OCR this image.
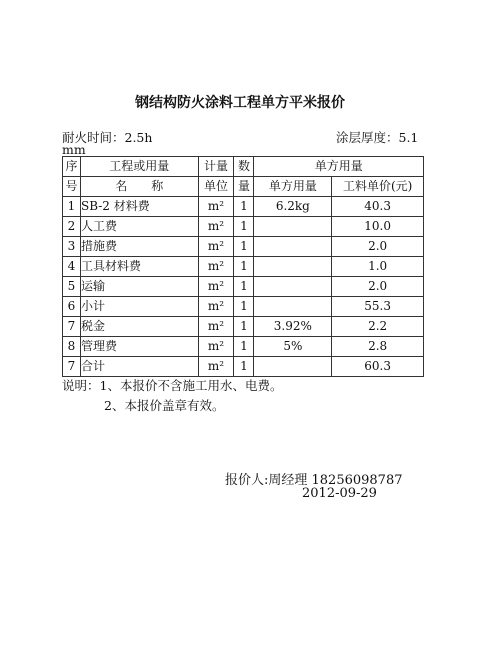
钢结构防火涂料工程单方平米报价
耐火时间：2.5h	涂层厚度：5.1
mm
序	工程或用量	计量	数	单方用量	
号	名　　称	单位	量	单方用量	工料单价(元)
1	SB-2 材料费	m²	1	6.2kg	40.3
2	人工费	m²	1		10.0
3	措施费	m²	1		2.0
4	工具材料费	m²	1		1.0
5	运输	m²	1		2.0
6	小计	m²	1		55.3
7	税金	m²	1	3.92%	2.2
8	管理费	m²	1	5%	2.8
7	合计	m²	1		60.3
说明：1、本报价不含施工用水、电费。
2、本报价盖章有效。
报价人:周经理 18256098787
2012-09-29
